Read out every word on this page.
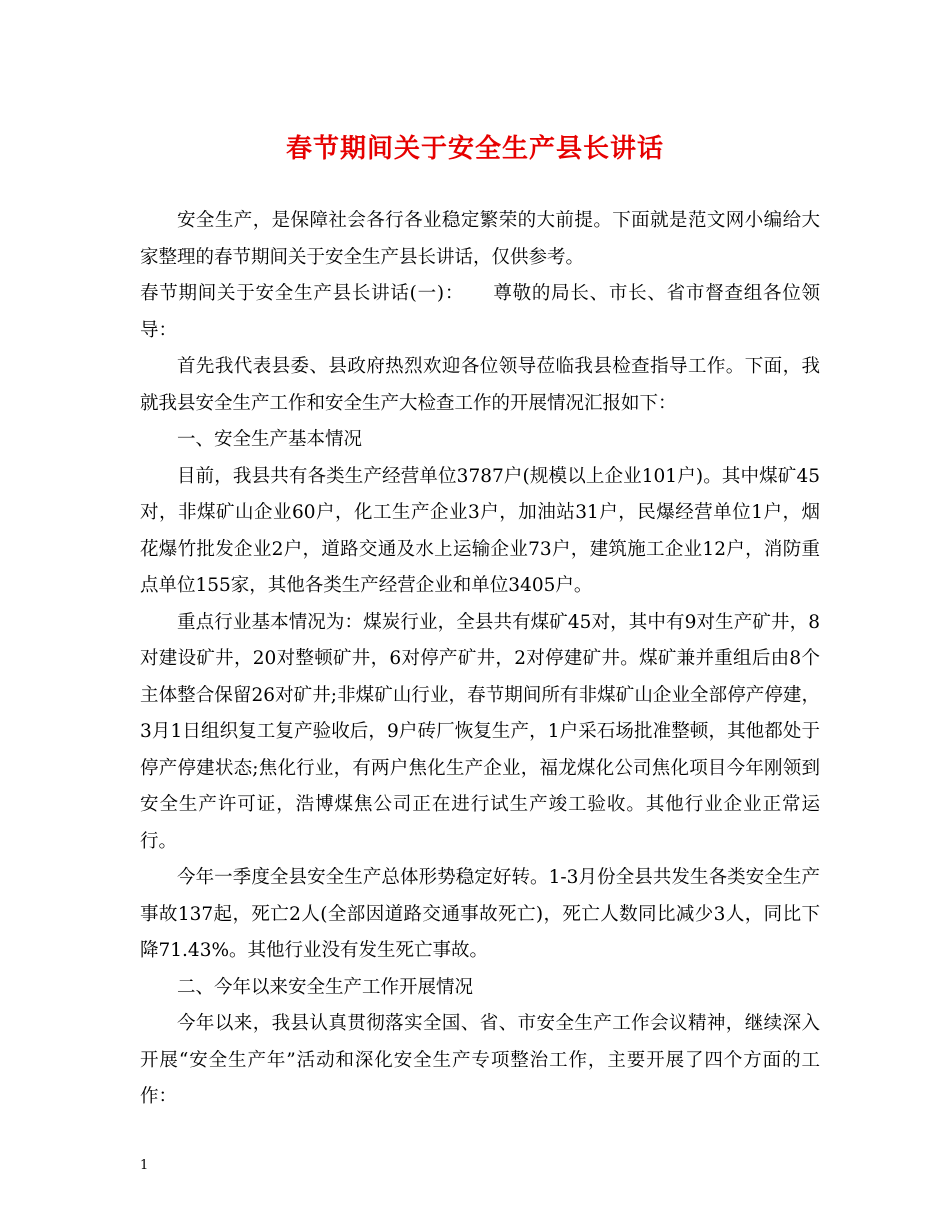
春节期间关于安全生产县长讲话

安全生产，是保障社会各行各业稳定繁荣的大前提。下面就是范文网小编给大家整理的春节期间关于安全生产县长讲话，仅供参考。

春节期间关于安全生产县长讲话(一)：　　尊敬的局长、市长、省市督查组各位领导：

首先我代表县委、县政府热烈欢迎各位领导莅临我县检查指导工作。下面，我就我县安全生产工作和安全生产大检查工作的开展情况汇报如下：

一、安全生产基本情况

目前，我县共有各类生产经营单位3787户(规模以上企业101户)。其中煤矿45对，非煤矿山企业60户，化工生产企业3户，加油站31户，民爆经营单位1户，烟花爆竹批发企业2户，道路交通及水上运输企业73户，建筑施工企业12户，消防重点单位155家，其他各类生产经营企业和单位3405户。

重点行业基本情况为：煤炭行业，全县共有煤矿45对，其中有9对生产矿井，8对建设矿井，20对整顿矿井，6对停产矿井，2对停建矿井。煤矿兼并重组后由8个主体整合保留26对矿井;非煤矿山行业，春节期间所有非煤矿山企业全部停产停建，3月1日组织复工复产验收后，9户砖厂恢复生产，1户采石场批准整顿，其他都处于停产停建状态;焦化行业，有两户焦化生产企业，福龙煤化公司焦化项目今年刚领到安全生产许可证，浩博煤焦公司正在进行试生产竣工验收。其他行业企业正常运行。

今年一季度全县安全生产总体形势稳定好转。1-3月份全县共发生各类安全生产事故137起，死亡2人(全部因道路交通事故死亡)，死亡人数同比减少3人，同比下降71.43%。其他行业没有发生死亡事故。

二、今年以来安全生产工作开展情况

今年以来，我县认真贯彻落实全国、省、市安全生产工作会议精神，继续深入开展“安全生产年”活动和深化安全生产专项整治工作，主要开展了四个方面的工作：

1
